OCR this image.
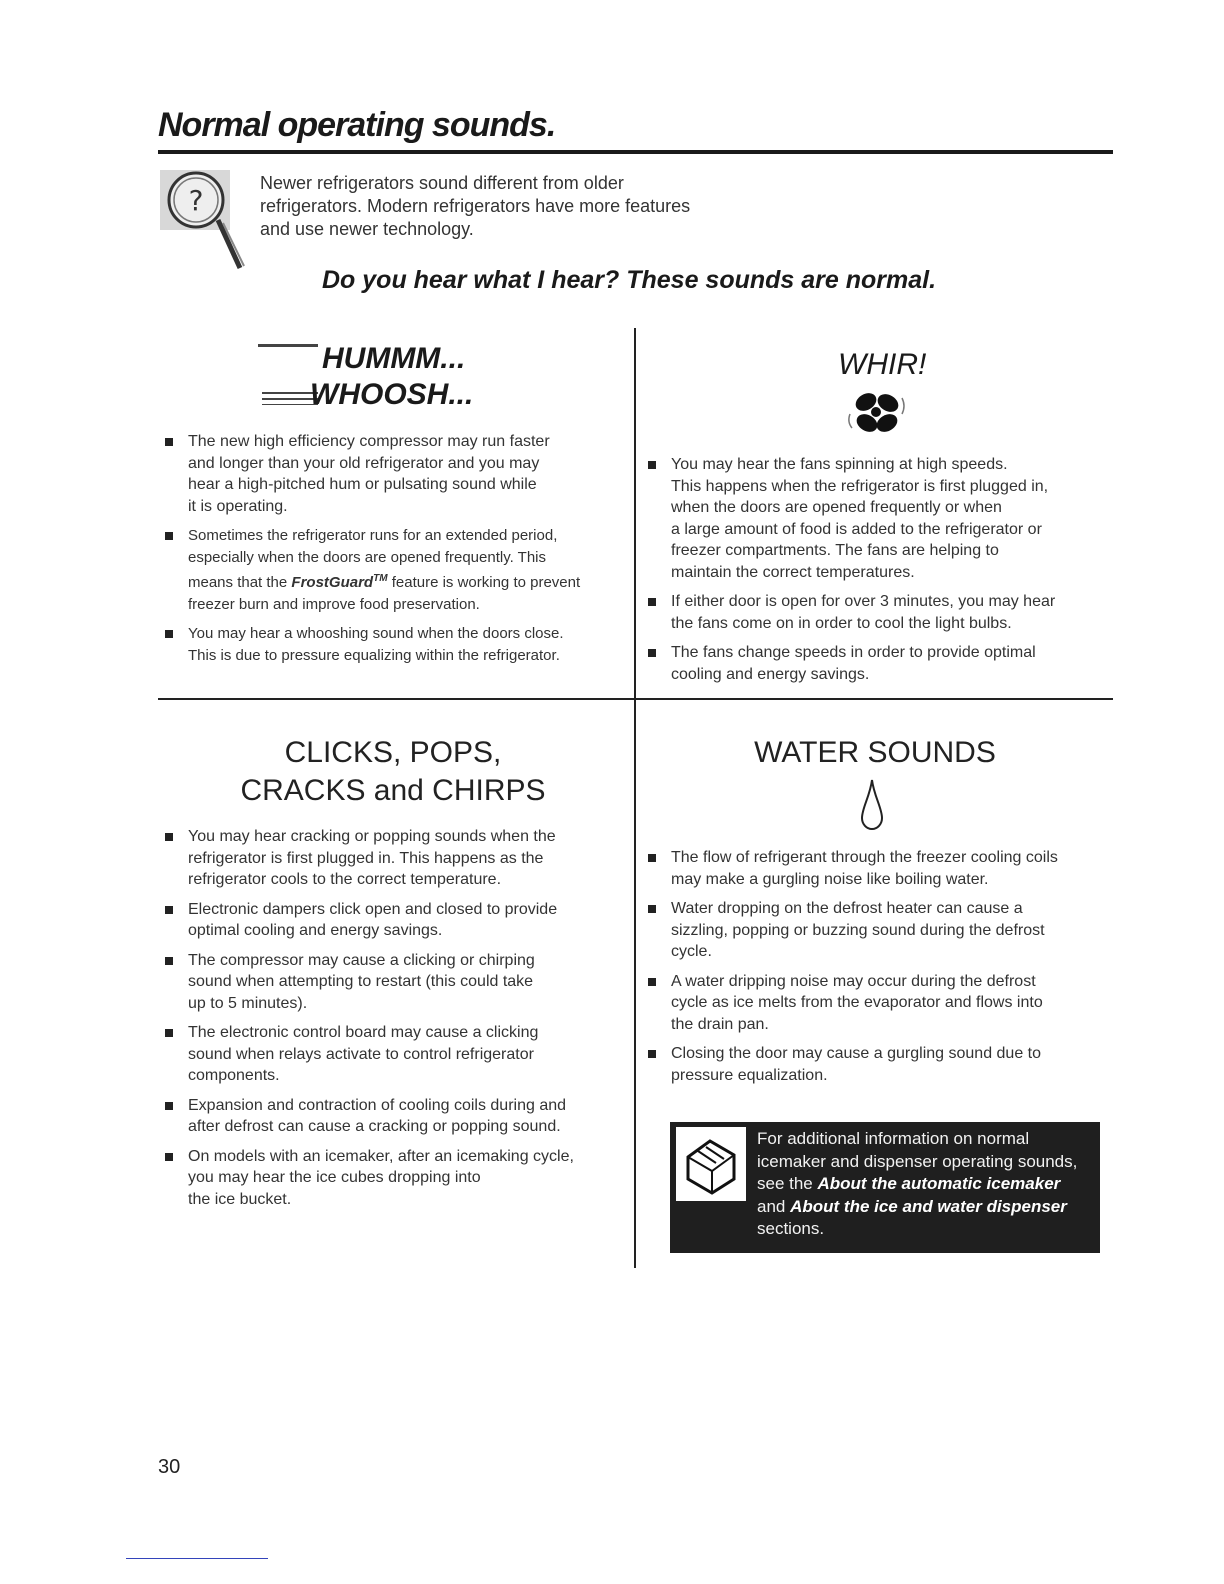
Normal operating sounds.
?
Newer refrigerators sound different from older
refrigerators. Modern refrigerators have more features
and use newer technology.
Do you hear what I hear? These sounds are normal.
HUMMM...
WHOOSH...
The new high efficiency compressor may run faster
and longer than your old refrigerator and you may
hear a high-pitched hum or pulsating sound while
it is operating.
Sometimes the refrigerator runs for an extended period,
especially when the doors are opened frequently. This
means that the FrostGuard™ feature is working to prevent
freezer burn and improve food preservation.
You may hear a whooshing sound when the doors close.
This is due to pressure equalizing within the refrigerator.
WHIR!
You may hear the fans spinning at high speeds.
This happens when the refrigerator is first plugged in,
when the doors are opened frequently or when
a large amount of food is added to the refrigerator or
freezer compartments. The fans are helping to
maintain the correct temperatures.
If either door is open for over 3 minutes, you may hear
the fans come on in order to cool the light bulbs.
The fans change speeds in order to provide optimal
cooling and energy savings.
CLICKS, POPS,
CRACKS and CHIRPS
You may hear cracking or popping sounds when the
refrigerator is first plugged in. This happens as the
refrigerator cools to the correct temperature.
Electronic dampers click open and closed to provide
optimal cooling and energy savings.
The compressor may cause a clicking or chirping
sound when attempting to restart (this could take
up to 5 minutes).
The electronic control board may cause a clicking
sound when relays activate to control refrigerator
components.
Expansion and contraction of cooling coils during and
after defrost can cause a cracking or popping sound.
On models with an icemaker, after an icemaking cycle,
you may hear the ice cubes dropping into
the ice bucket.
WATER SOUNDS
The flow of refrigerant through the freezer cooling coils
may make a gurgling noise like boiling water.
Water dropping on the defrost heater can cause a
sizzling, popping or buzzing sound during the defrost
cycle.
A water dripping noise may occur during the defrost
cycle as ice melts from the evaporator and flows into
the drain pan.
Closing the door may cause a gurgling sound due to
pressure equalization.
For additional information on normal
icemaker and dispenser operating sounds,
see the About the automatic icemaker
and About the ice and water dispenser
sections.
30
